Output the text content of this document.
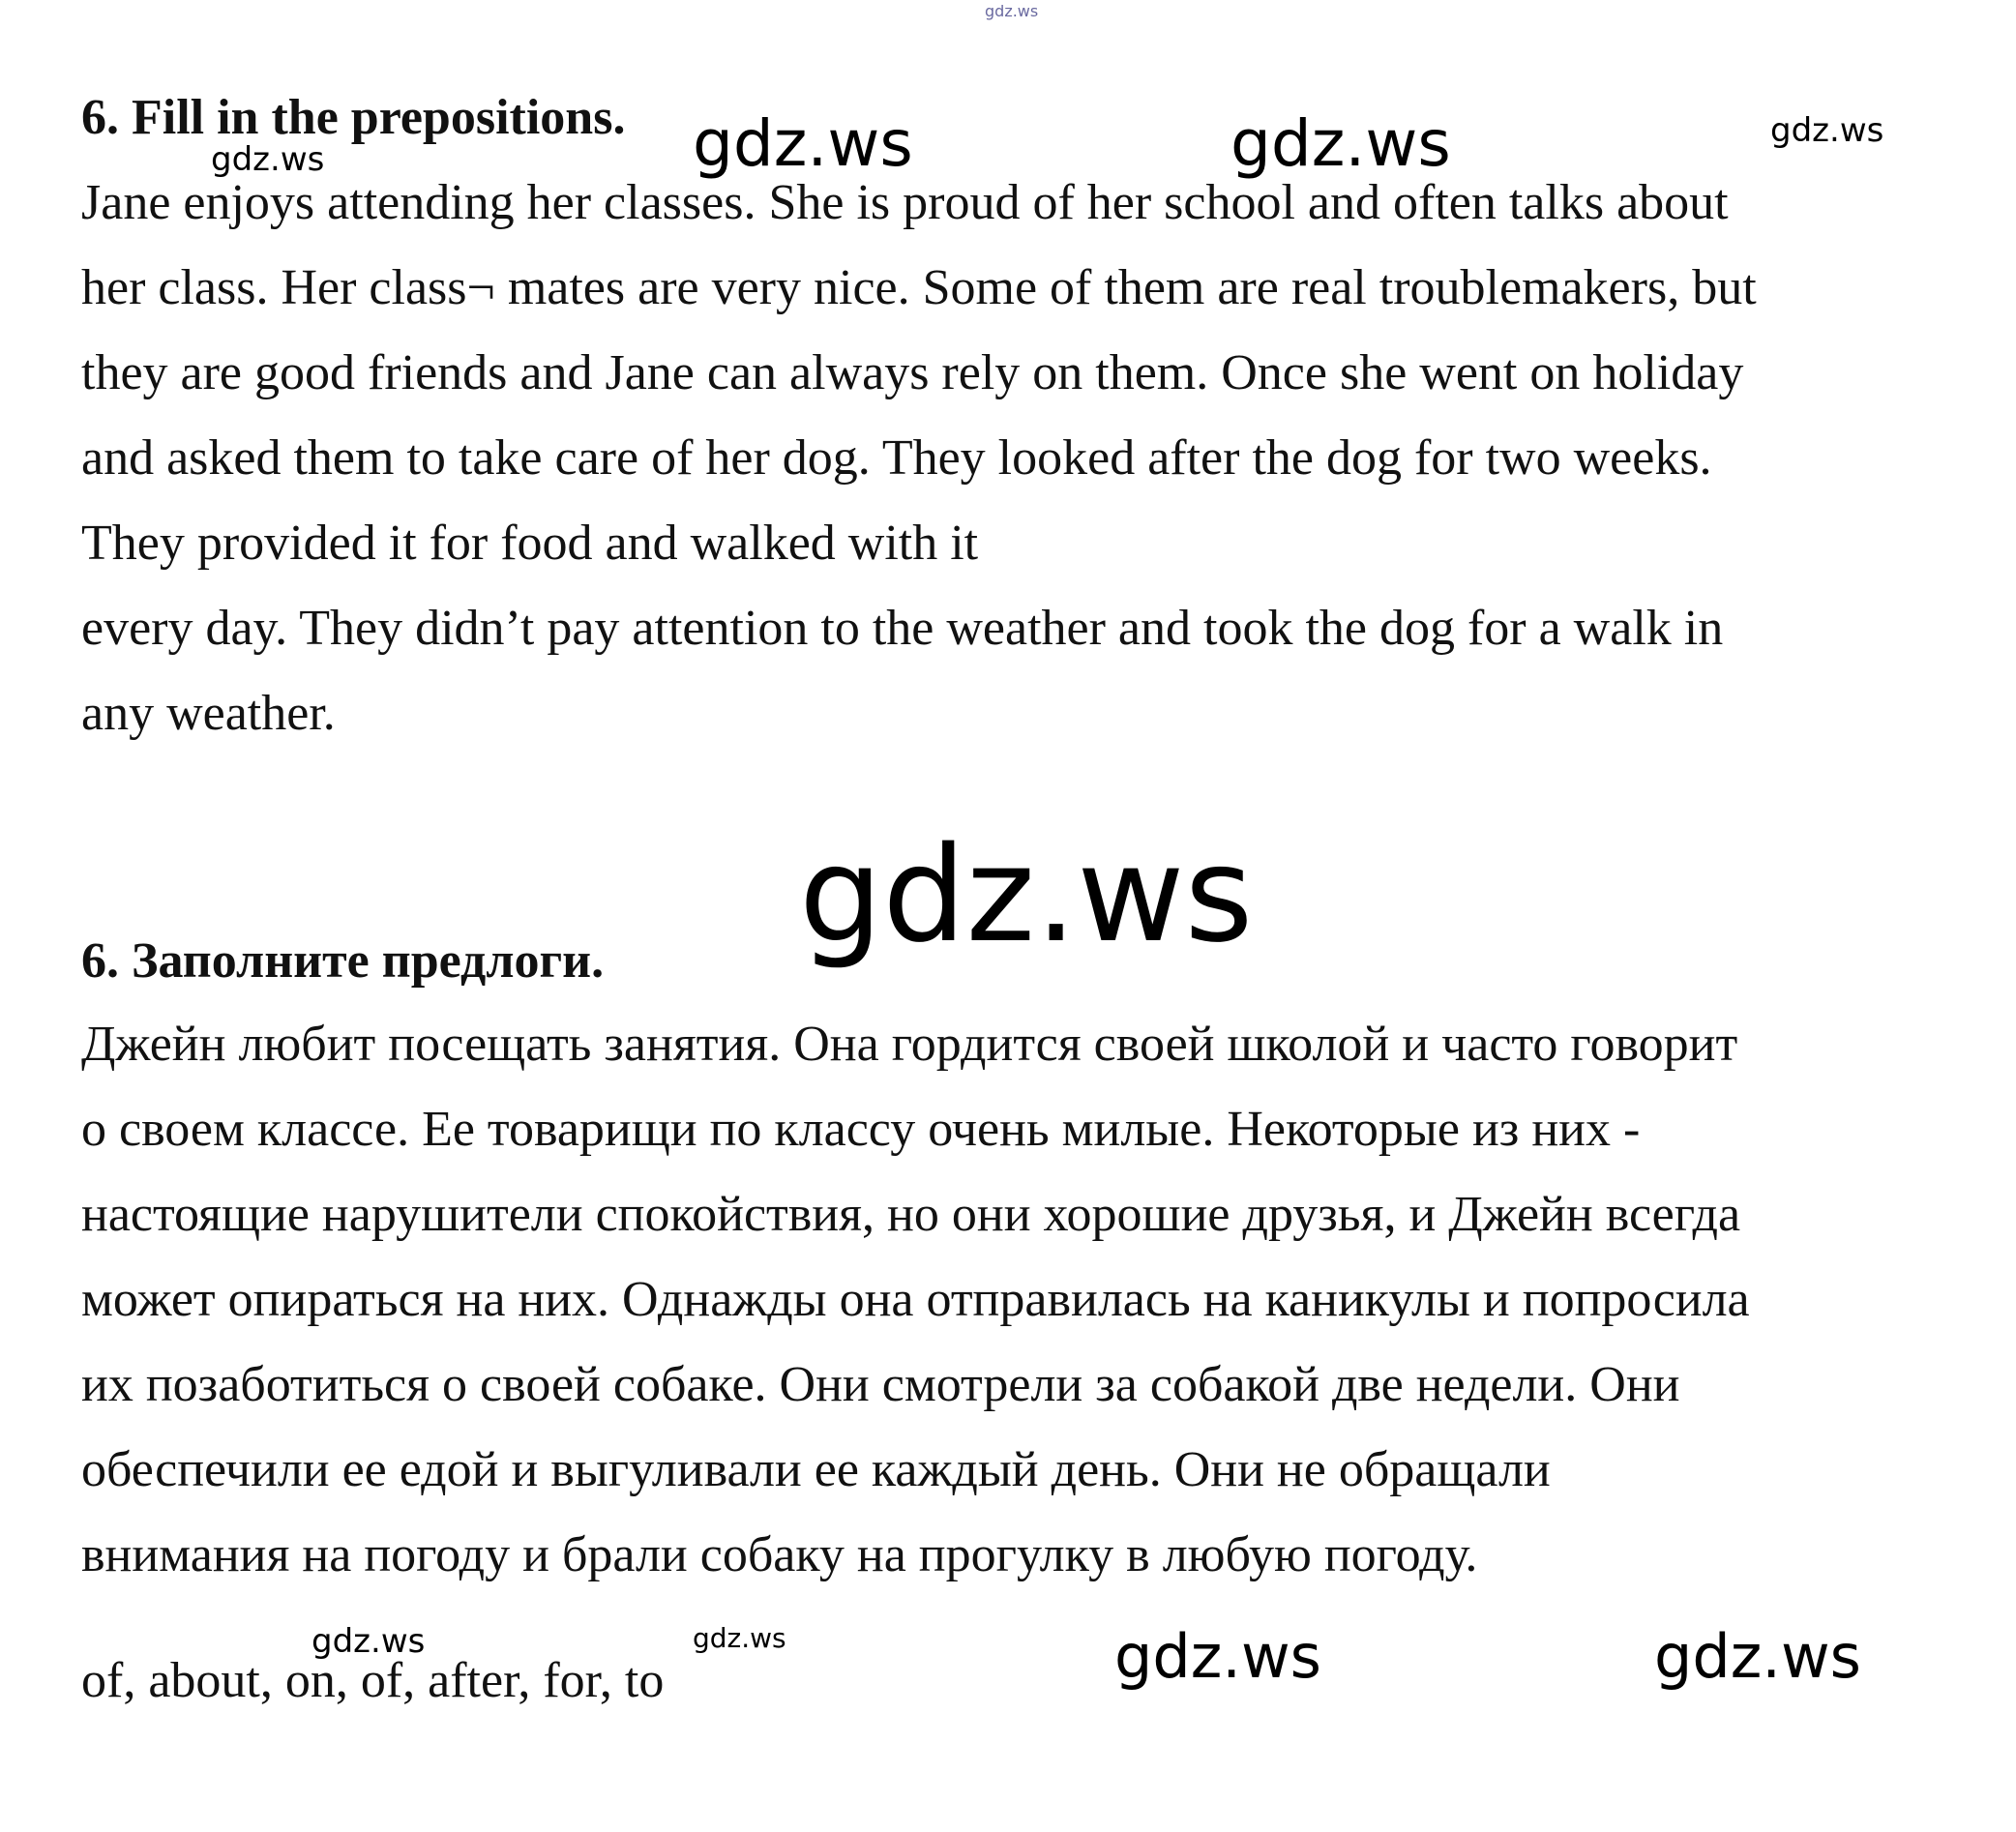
gdz.ws
6. Fill in the prepositions.
gdz.ws	gdz.ws	gdz.ws	gdz.ws
Jane enjoys attending her classes. She is proud of her school and often talks about
her class. Her class¬ mates are very nice. Some of them are real troublemakers, but
they are good friends and Jane can always rely on them. Once she went on holiday
and asked them to take care of her dog. They looked after the dog for two weeks.
They provided it for food and walked with it
every day. They didn’t pay attention to the weather and took the dog for a walk in
any weather.
gdz.ws
6. Заполните предлоги.
Джейн любит посещать занятия. Она гордится своей школой и часто говорит
о своем классе. Ее товарищи по классу очень милые. Некоторые из них -
настоящие нарушители спокойствия, но они хорошие друзья, и Джейн всегда
может опираться на них. Однажды она отправилась на каникулы и попросила
их позаботиться о своей собаке. Они смотрели за собакой две недели. Они
обеспечили ее едой и выгуливали ее каждый день. Они не обращали
внимания на погоду и брали собаку на прогулку в любую погоду.
gdz.ws	gdz.ws
of, about, on, of, after, for, to	gdz.ws	gdz.ws
